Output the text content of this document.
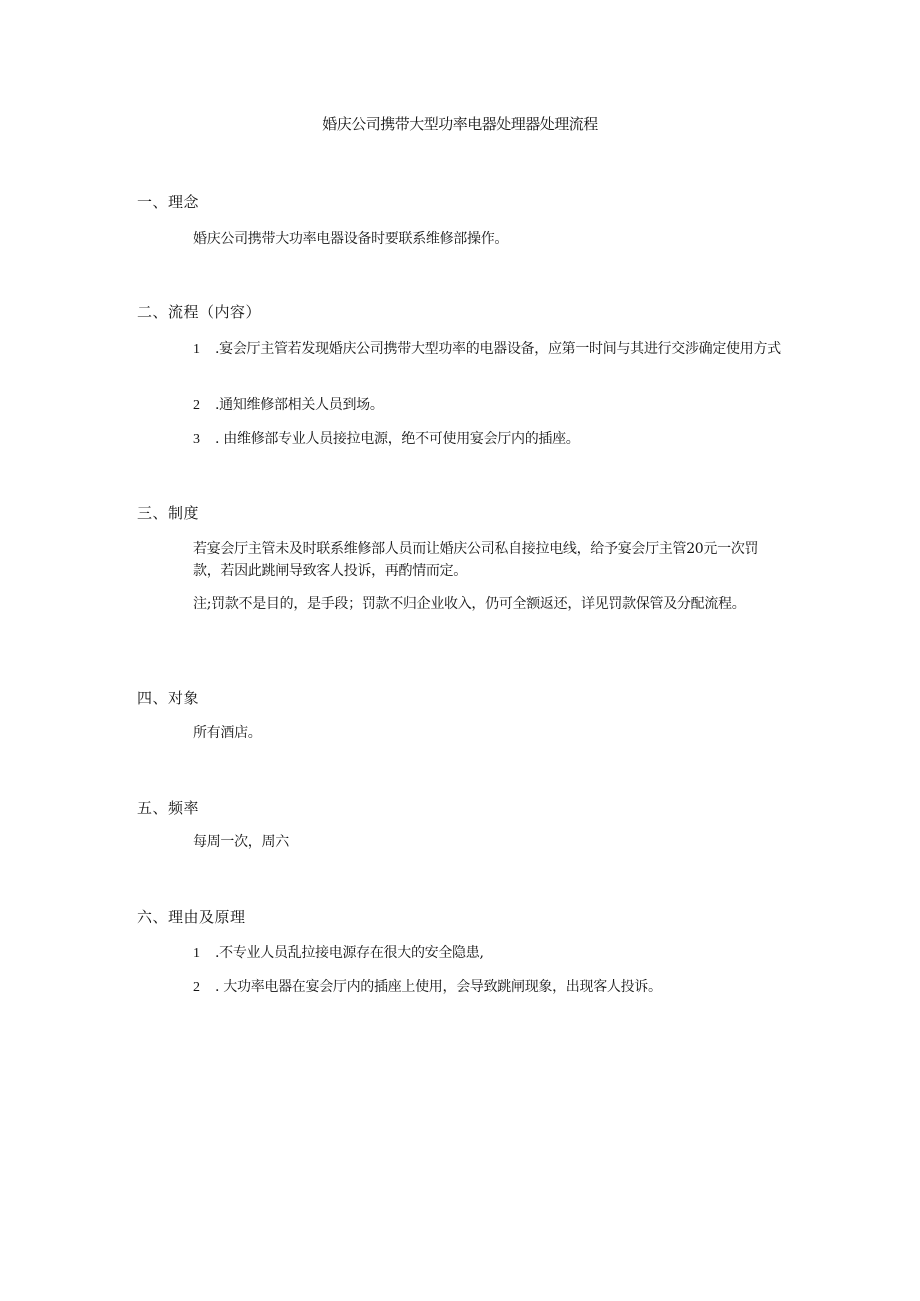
婚庆公司携带大型功率电器处理器处理流程
一、理念
婚庆公司携带大功率电器设备时要联系维修部操作。
二、流程（内容）
1 .宴会厅主管若发现婚庆公司携带大型功率的电器设备，应第一时间与其进行交涉确定使用方式
2 .通知维修部相关人员到场。
3 . 由维修部专业人员接拉电源，绝不可使用宴会厅内的插座。
三、制度
若宴会厅主管未及时联系维修部人员而让婚庆公司私自接拉电线，给予宴会厅主管20元一次罚款，若因此跳闸导致客人投诉，再酌情而定。
注;罚款不是目的，是手段；罚款不归企业收入，仍可全额返还，详见罚款保管及分配流程。
四、对象
所有酒店。
五、频率
每周一次，周六
六、理由及原理
1 .不专业人员乱拉接电源存在很大的安全隐患,
2 . 大功率电器在宴会厅内的插座上使用，会导致跳闸现象，出现客人投诉。
